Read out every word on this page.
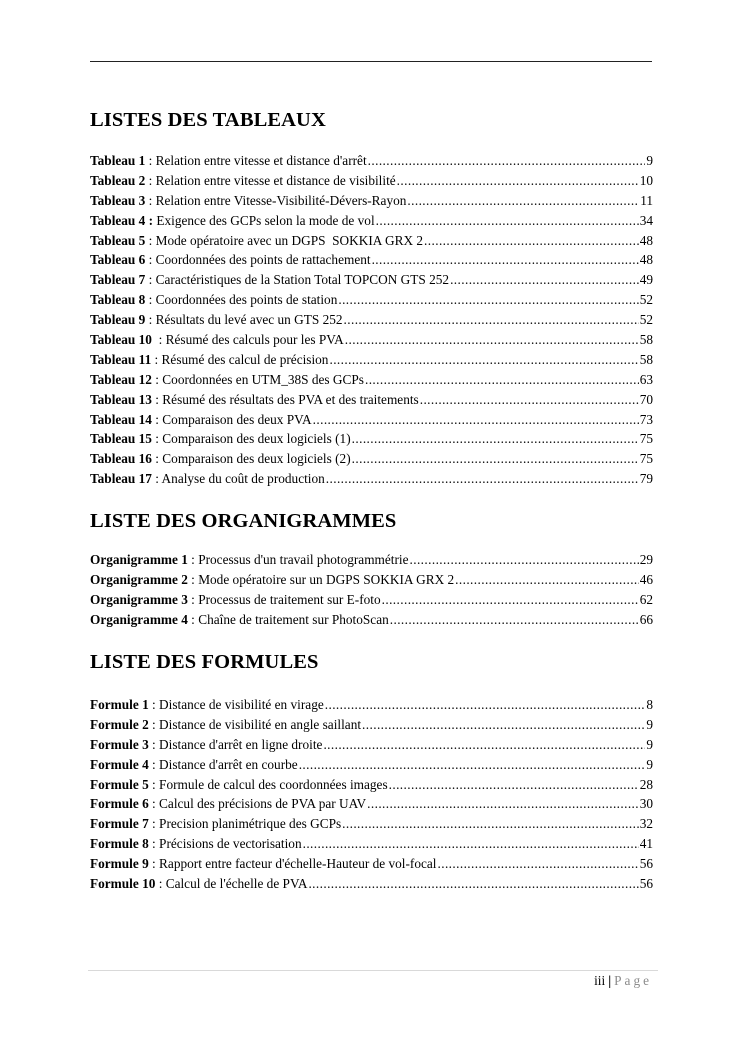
LISTES DES TABLEAUX
Tableau 1 : Relation entre vitesse et distance d'arrêt .....	9
Tableau 2 : Relation entre vitesse et distance de visibilité .....	10
Tableau 3 : Relation entre Vitesse-Visibilité-Dévers-Rayon .....	11
Tableau 4 : Exigence des GCPs selon la mode de vol .....	34
Tableau 5 : Mode opératoire avec un DGPS  SOKKIA GRX 2 .....	48
Tableau 6 : Coordonnées des points de rattachement .....	48
Tableau 7 : Caractéristiques de la Station Total TOPCON GTS 252 .....	49
Tableau 8 : Coordonnées des points de station .....	52
Tableau 9 : Résultats du levé avec un GTS 252 .....	52
Tableau 10 : Résumé des calculs pour les PVA .....	58
Tableau 11 : Résumé des calcul de précision .....	58
Tableau 12 : Coordonnées en UTM_38S des GCPs .....	63
Tableau 13 : Résumé des résultats des PVA et des traitements .....	70
Tableau 14 : Comparaison des deux PVA .....	73
Tableau 15 : Comparaison des deux logiciels (1) .....	75
Tableau 16 : Comparaison des deux logiciels (2) .....	75
Tableau 17 : Analyse du coût de production .....	79
LISTE DES ORGANIGRAMMES
Organigramme 1 : Processus d'un travail photogrammétrie .....	29
Organigramme 2 : Mode opératoire sur un DGPS SOKKIA GRX 2 .....	46
Organigramme 3 : Processus de traitement sur E-foto .....	62
Organigramme 4 : Chaîne de traitement sur PhotoScan .....	66
LISTE DES FORMULES
Formule 1 : Distance de visibilité en virage .....	8
Formule 2 : Distance de visibilité en angle saillant .....	9
Formule 3 : Distance d'arrêt en ligne droite .....	9
Formule 4 : Distance d'arrêt en courbe .....	9
Formule 5 : Formule de calcul des coordonnées images .....	28
Formule 6 : Calcul des précisions de PVA par UAV .....	30
Formule 7 : Precision planimétrique des GCPs .....	32
Formule 8 : Précisions de vectorisation .....	41
Formule 9 : Rapport entre facteur d'échelle-Hauteur de vol-focal .....	56
Formule 10 : Calcul de l'échelle de PVA .....	56
iii | Page
